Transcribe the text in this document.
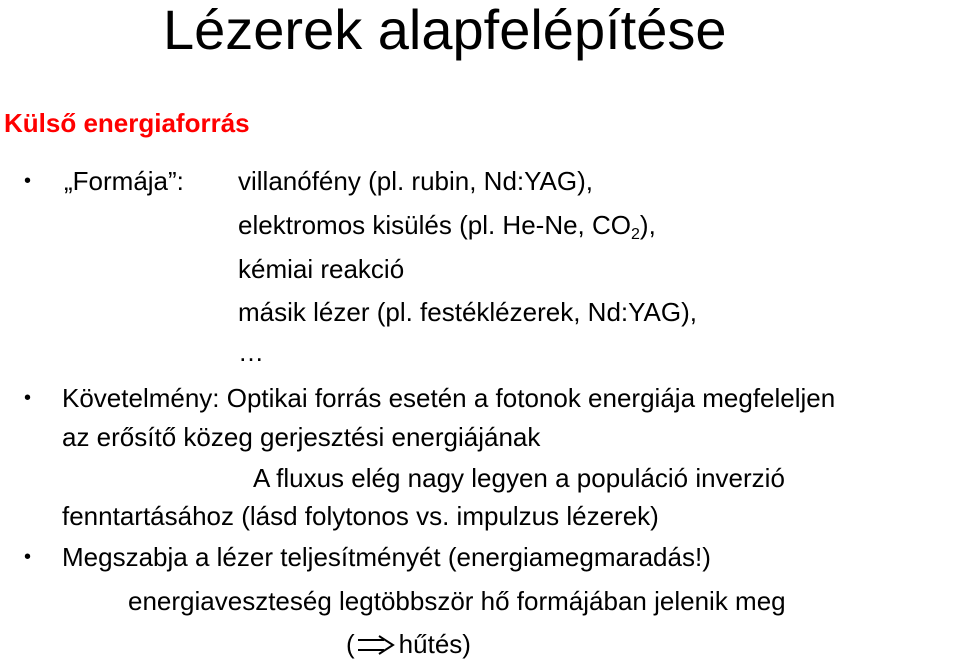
Lézerek alapfelépítése
Külső energiaforrás
• „Formája”: villanófény (pl. rubin, Nd:YAG),
elektromos kisülés (pl. He-Ne, $CO_2$),
kémiai reakció
másik lézer (pl. festéklézerek, Nd:YAG),
…
• Követelmény: Optikai forrás esetén a fotonok energiája megfeleljen
az erősítő közeg gerjesztési energiájának
A fluxus elég nagy legyen a populáció inverzió
fenntartásához (lásd folytonos vs. impulzus lézerek)
• Megszabja a lézer teljesítményét (energiamegmaradás!)
energiaveszteség legtöbbször hő formájában jelenik meg
( hűtés)
